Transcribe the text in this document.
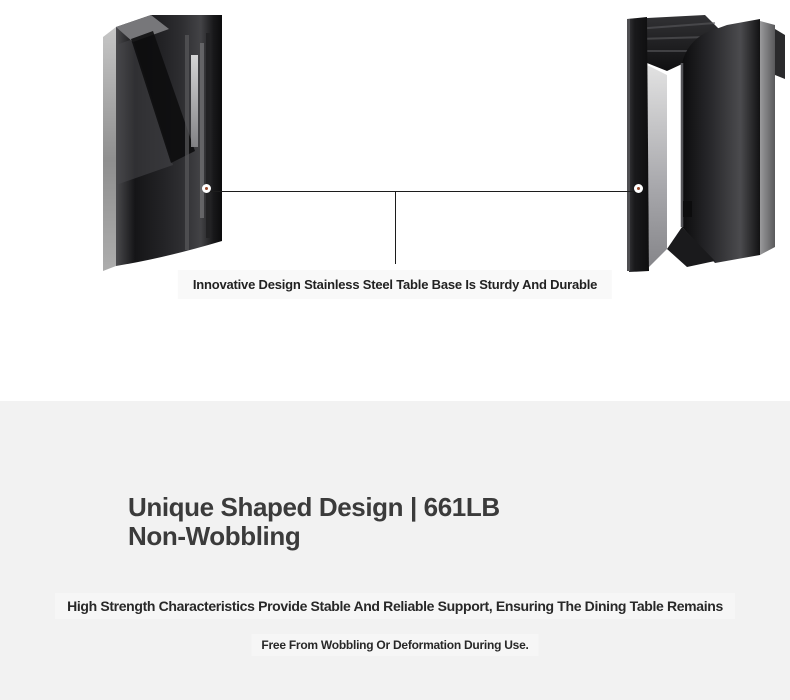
Innovative Design Stainless Steel Table Base Is Sturdy And Durable
Unique Shaped Design | 661LB
Non-Wobbling

High Strength Characteristics Provide Stable And Reliable Support, Ensuring The Dining Table Remains

Free From Wobbling Or Deformation During Use.
